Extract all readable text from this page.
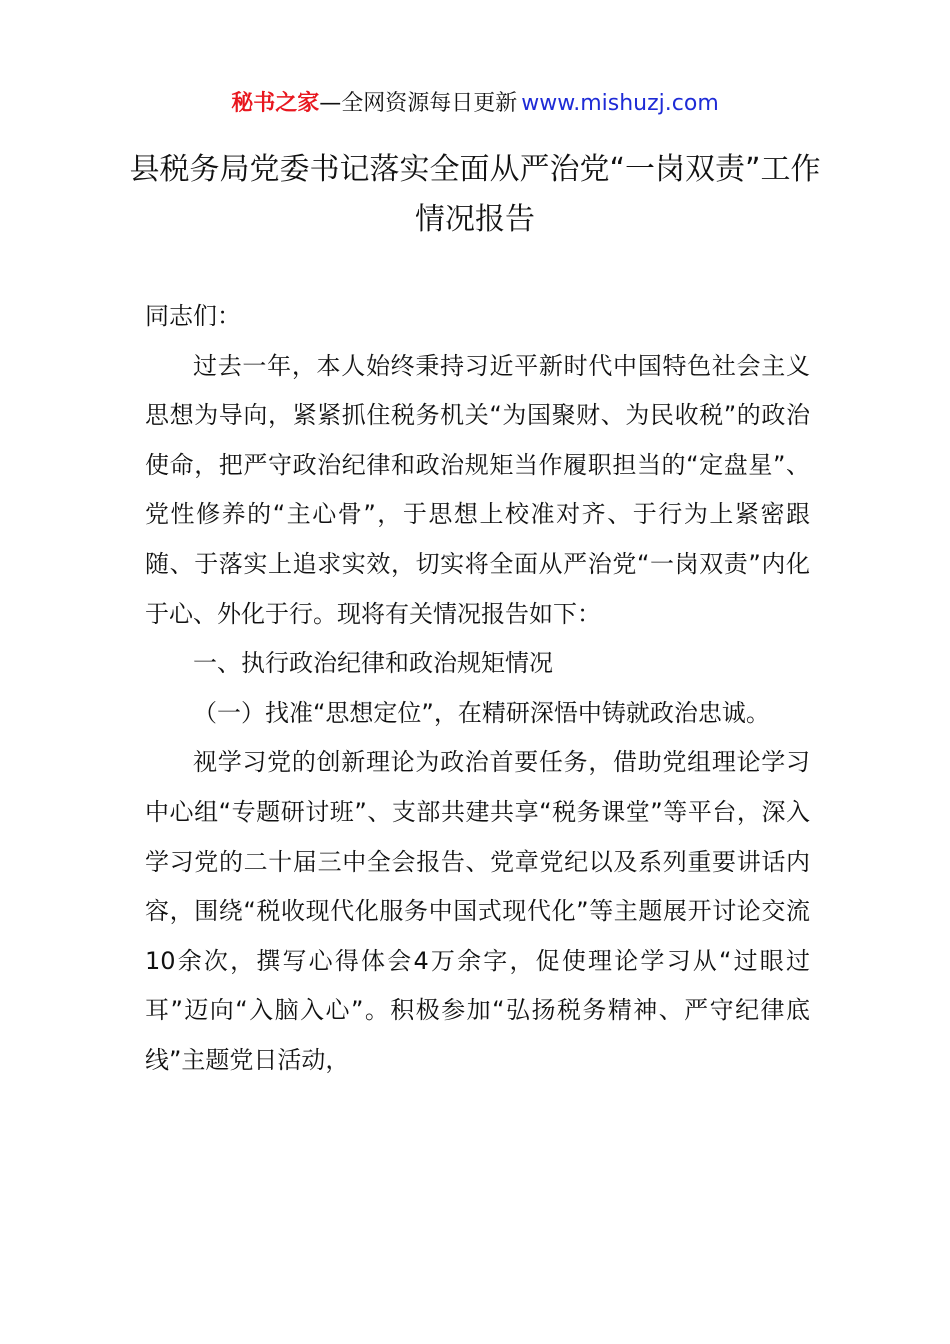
秘书之家—全网资源每日更新 www.mishuzj.com
县税务局党委书记落实全面从严治党“一岗双责”工作情况报告

同志们：

过去一年，本人始终秉持习近平新时代中国特色社会主义思想为导向，紧紧抓住税务机关“为国聚财、为民收税”的政治使命，把严守政治纪律和政治规矩当作履职担当的“定盘星”、党性修养的“主心骨”，于思想上校准对齐、于行为上紧密跟随、于落实上追求实效，切实将全面从严治党“一岗双责”内化于心、外化于行。现将有关情况报告如下：

一、执行政治纪律和政治规矩情况

（一）找准“思想定位”，在精研深悟中铸就政治忠诚。

视学习党的创新理论为政治首要任务，借助党组理论学习中心组“专题研讨班”、支部共建共享“税务课堂”等平台，深入学习党的二十届三中全会报告、党章党纪以及系列重要讲话内容，围绕“税收现代化服务中国式现代化”等主题展开讨论交流10余次，撰写心得体会4万余字，促使理论学习从“过眼过耳”迈向“入脑入心”。积极参加“弘扬税务精神、严守纪律底线”主题党日活动，
